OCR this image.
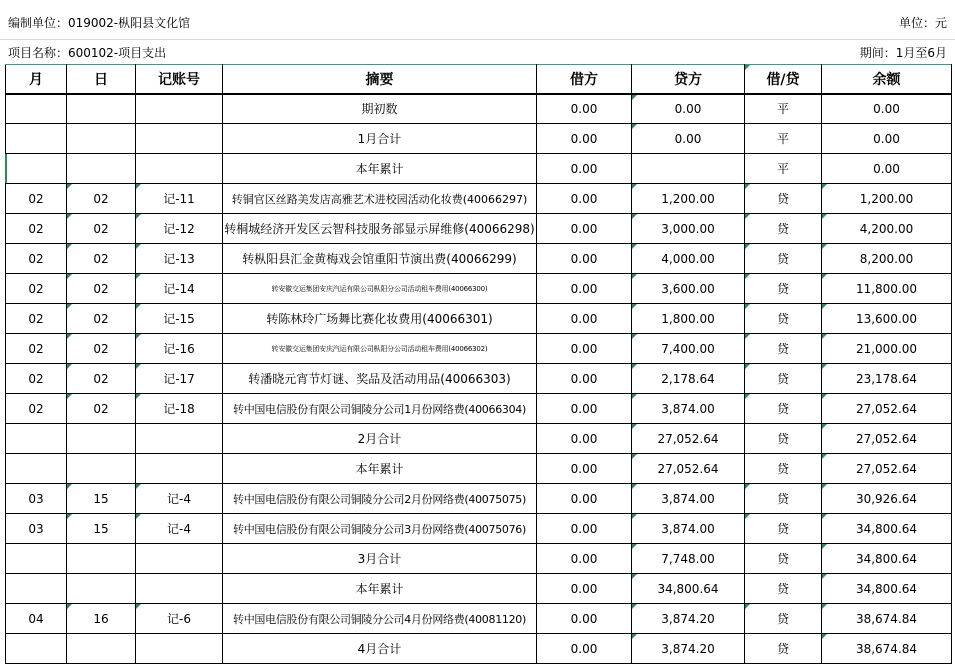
编制单位：019002-枞阳县文化馆	单位：元
项目名称：600102-项目支出	期间：1月至6月
月	日	记账号	摘要	借方	贷方	借/贷	余额
			期初数	0.00	0.00	平	0.00
			1月合计	0.00	0.00	平	0.00
			本年累计	0.00		平	0.00
02	02	记-11	转铜官区丝路美发店高雅艺术进校园活动化妆费(40066297)	0.00	1,200.00	贷	1,200.00
02	02	记-12	转桐城经济开发区云智科技服务部显示屏维修(40066298)	0.00	3,000.00	贷	4,200.00
02	02	记-13	转枞阳县汇金黄梅戏会馆重阳节演出费(40066299)	0.00	4,000.00	贷	8,200.00
02	02	记-14	转安徽交运集团安庆汽运有限公司枞阳分公司活动租车费用(40066300)	0.00	3,600.00	贷	11,800.00
02	02	记-15	转陈林玲广场舞比赛化妆费用(40066301)	0.00	1,800.00	贷	13,600.00
02	02	记-16	转安徽交运集团安庆汽运有限公司枞阳分公司活动租车费用(40066302)	0.00	7,400.00	贷	21,000.00
02	02	记-17	转潘晓元宵节灯谜、奖品及活动用品(40066303)	0.00	2,178.64	贷	23,178.64
02	02	记-18	转中国电信股份有限公司铜陵分公司1月份网络费(40066304)	0.00	3,874.00	贷	27,052.64
			2月合计	0.00	27,052.64	贷	27,052.64
			本年累计	0.00	27,052.64	贷	27,052.64
03	15	记-4	转中国电信股份有限公司铜陵分公司2月份网络费(40075075)	0.00	3,874.00	贷	30,926.64
03	15	记-4	转中国电信股份有限公司铜陵分公司3月份网络费(40075076)	0.00	3,874.00	贷	34,800.64
			3月合计	0.00	7,748.00	贷	34,800.64
			本年累计	0.00	34,800.64	贷	34,800.64
04	16	记-6	转中国电信股份有限公司铜陵分公司4月份网络费(40081120)	0.00	3,874.20	贷	38,674.84
			4月合计	0.00	3,874.20	贷	38,674.84
